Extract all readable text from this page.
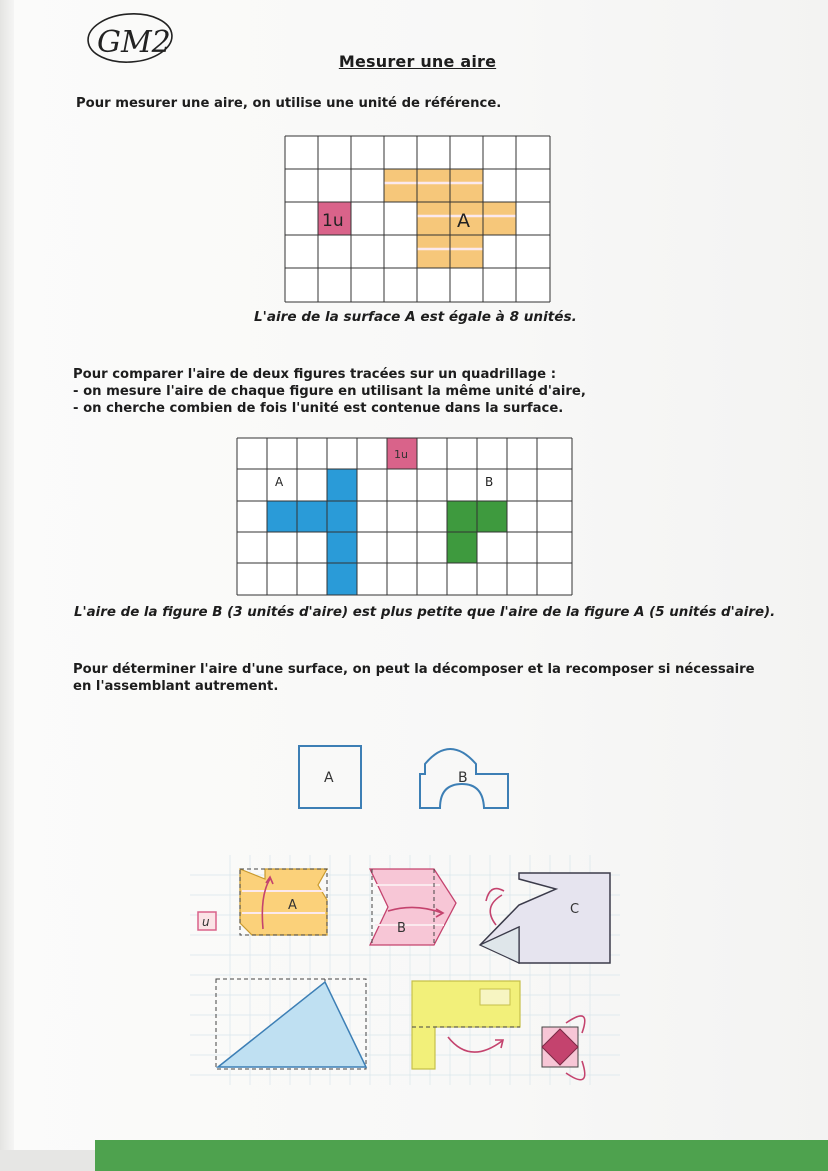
GM2
Mesurer une aire
Pour mesurer une aire, on utilise une unité de référence.
1u	A
L'aire de la surface A est égale à 8 unités.
Pour comparer l'aire de deux figures tracées sur un quadrillage :
- on mesure l'aire de chaque figure en utilisant la même unité d'aire,
- on cherche combien de fois l'unité est contenue dans la surface.
1u
A	B
L'aire de la figure B (3 unités d'aire) est plus petite que l'aire de la figure A (5 unités d'aire).
Pour déterminer l'aire d'une surface, on peut la décomposer et la recomposer si nécessaire
en l'assemblant autrement.
A	B
u
A
B
C
